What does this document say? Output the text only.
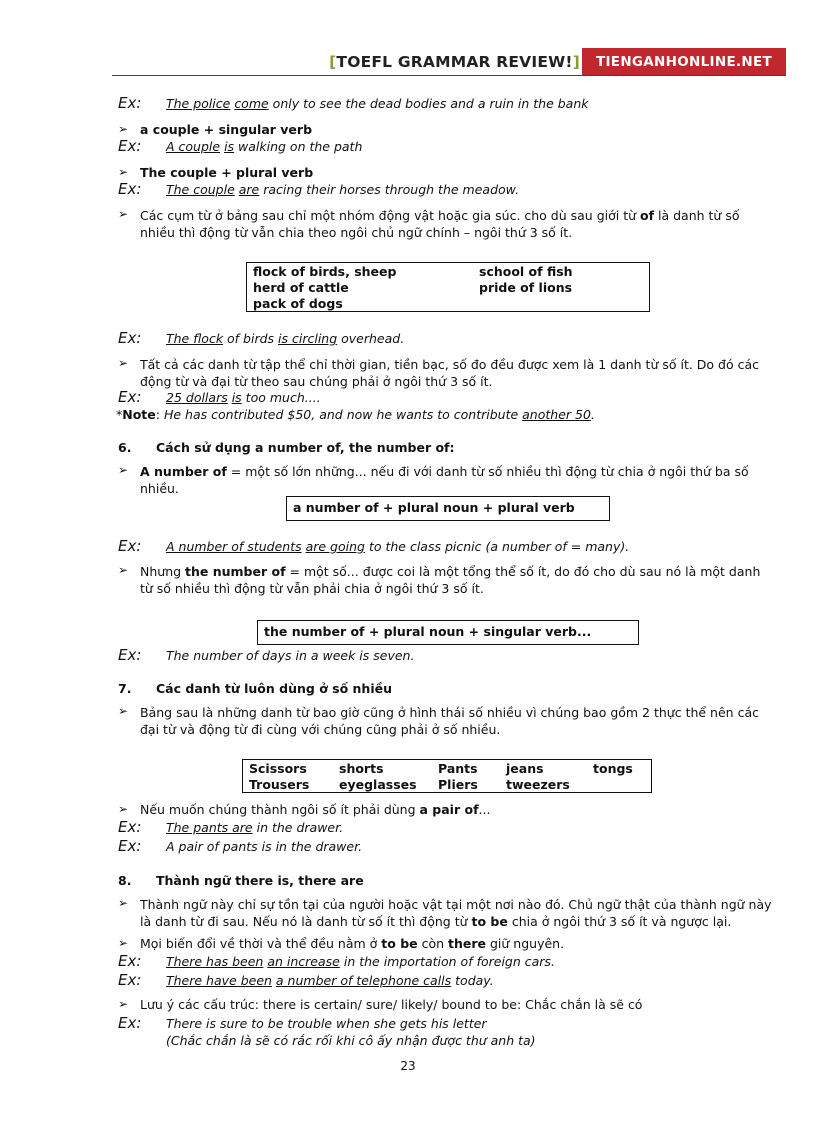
[TOEFL GRAMMAR REVIEW!]	TIENGANHONLINE.NET
Ex: The police come only to see the dead bodies and a ruin in the bank
➢ a couple + singular verb
Ex: A couple is walking on the path
➢ The couple + plural verb
Ex: The couple are racing their horses through the meadow.
➢ Các cụm từ ở bảng sau chỉ một nhóm động vật hoặc gia súc. cho dù sau giới từ of là danh từ số nhiều thì động từ vẫn chia theo ngôi chủ ngữ chính – ngôi thứ 3 số ít.
flock of birds, sheep	school of fish
herd of cattle	pride of lions
pack of dogs
Ex: The flock of birds is circling overhead.
➢ Tất cả các danh từ tập thể chỉ thời gian, tiền bạc, số đo đều được xem là 1 danh từ số ít. Do đó các động từ và đại từ theo sau chúng phải ở ngôi thứ 3 số ít.
Ex: 25 dollars is too much....
*Note: He has contributed $50, and now he wants to contribute another 50.
6. Cách sử dụng a number of, the number of:
➢ A number of = một số lớn những... nếu đi với danh từ số nhiều thì động từ chia ở ngôi thứ ba số nhiều.
a number of + plural noun + plural verb
Ex: A number of students are going to the class picnic (a number of = many).
➢ Nhưng the number of = một số... được coi là một tổng thể số ít, do đó cho dù sau nó là một danh từ số nhiều thì động từ vẫn phải chia ở ngôi thứ 3 số ít.
the number of + plural noun + singular verb...
Ex: The number of days in a week is seven.
7. Các danh từ luôn dùng ở số nhiều
➢ Bảng sau là những danh từ bao giờ cũng ở hình thái số nhiều vì chúng bao gồm 2 thực thể nên các đại từ và động từ đi cùng với chúng cũng phải ở số nhiều.
Scissors	shorts	Pants jeans	tongs
Trousers eyeglasses Pliers tweezers
➢ Nếu muốn chúng thành ngôi số ít phải dùng a pair of...
Ex: The pants are in the drawer.
Ex: A pair of pants is in the drawer.
8. Thành ngữ there is, there are
➢ Thành ngữ này chỉ sự tồn tại của người hoặc vật tại một nơi nào đó. Chủ ngữ thật của thành ngữ này là danh từ đi sau. Nếu nó là danh từ số ít thì động từ to be chia ở ngôi thứ 3 số ít và ngược lại.
➢ Mọi biến đổi về thời và thể đều nằm ở to be còn there giữ nguyên.
Ex: There has been an increase in the importation of foreign cars.
Ex: There have been a number of telephone calls today.
➢ Lưu ý các cấu trúc: there is certain/ sure/ likely/ bound to be: Chắc chắn là sẽ có
Ex: There is sure to be trouble when she gets his letter
(Chắc chắn là sẽ có rắc rối khi cô ấy nhận được thư anh ta)
23
